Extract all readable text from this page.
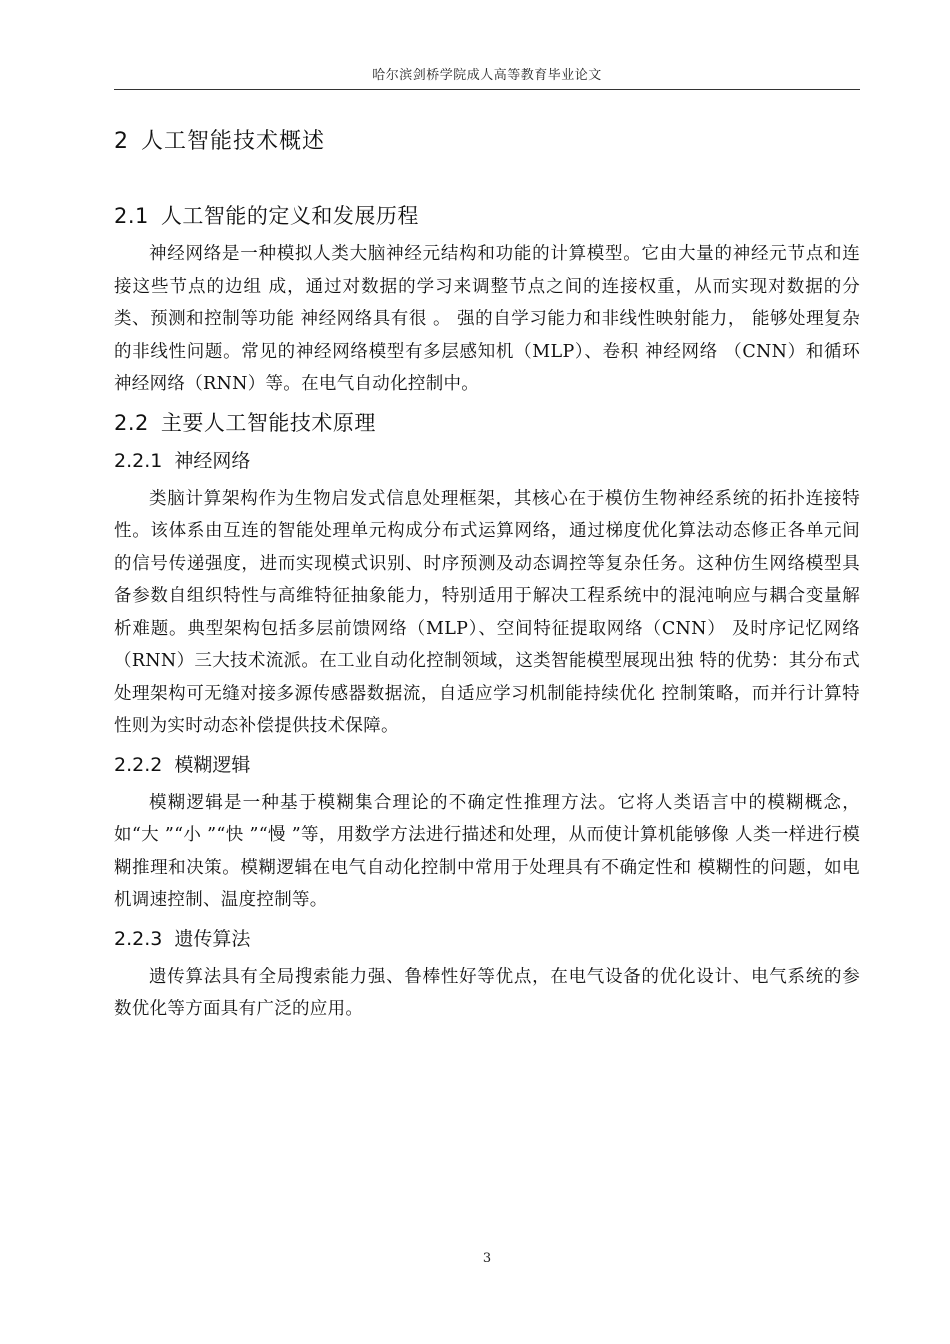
哈尔滨剑桥学院成人高等教育毕业论文
2 人工智能技术概述
2.1 人工智能的定义和发展历程

神经网络是一种模拟人类大脑神经元结构和功能的计算模型。它由大量的神经元节点和连接这些节点的边组 成，通过对数据的学习来调整节点之间的连接权重，从而实现对数据的分类、预测和控制等功能 神经网络具有很 。 强的自学习能力和非线性映射能力， 能够处理复杂的非线性问题。常见的神经网络模型有多层感知机（MLP）、卷积 神经网络 （CNN）和循环神经网络（RNN）等。在电气自动化控制中。

2.2 主要人工智能技术原理
2.2.1 神经网络

类脑计算架构作为生物启发式信息处理框架，其核心在于模仿生物神经系统的拓扑连接特性。该体系由互连的智能处理单元构成分布式运算网络，通过梯度优化算法动态修正各单元间的信号传递强度，进而实现模式识别、时序预测及动态调控等复杂任务。这种仿生网络模型具备参数自组织特性与高维特征抽象能力，特别适用于解决工程系统中的混沌响应与耦合变量解析难题。典型架构包括多层前馈网络（MLP）、空间特征提取网络（CNN） 及时序记忆网络（RNN）三大技术流派。在工业自动化控制领域，这类智能模型展现出独 特的优势：其分布式处理架构可无缝对接多源传感器数据流，自适应学习机制能持续优化 控制策略，而并行计算特性则为实时动态补偿提供技术保障。

2.2.2 模糊逻辑

模糊逻辑是一种基于模糊集合理论的不确定性推理方法。它将人类语言中的模糊概念，如“大 ”“小 ”“快 ”“慢 ”等，用数学方法进行描述和处理，从而使计算机能够像 人类一样进行模糊推理和决策。模糊逻辑在电气自动化控制中常用于处理具有不确定性和 模糊性的问题，如电机调速控制、温度控制等。

2.2.3 遗传算法

遗传算法具有全局搜索能力强、鲁棒性好等优点，在电气设备的优化设计、电气系统的参数优化等方面具有广泛的应用。

3
